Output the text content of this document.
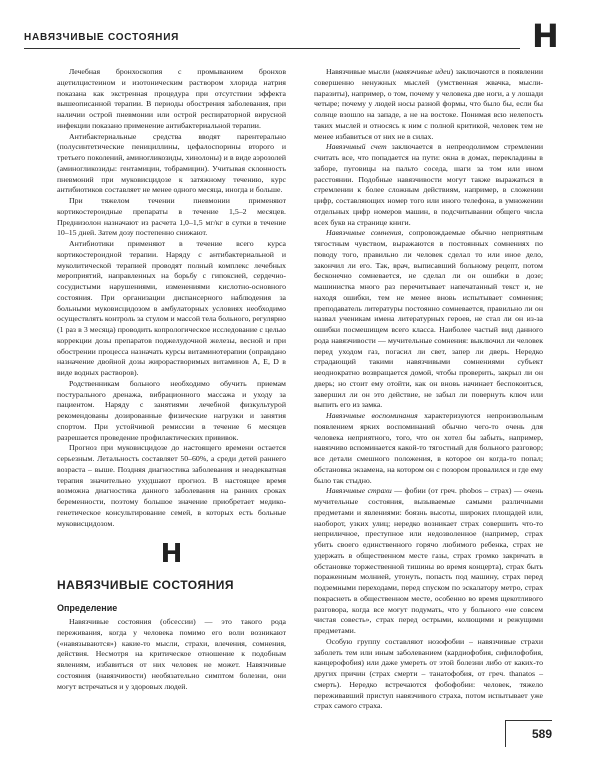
НАВЯЗЧИВЫЕ СОСТОЯНИЯ	Н

Лечебная бронхоскопия с промыванием бронхов ацетилцистеином и изотоническим раствором хлорида натрия показана как экстренная процедура при отсутствии эффекта вышеописанной терапии. В периоды обострения заболевания, при наличии острой пневмонии или острой респираторной вирусной инфекции показано применение антибактериальной терапии.

Антибактериальные средства вводят парентерально (полусинтетические пенициллины, цефалоспорины второго и третьего поколений, аминогликозиды, хинолоны) и в виде аэрозолей (аминогликозиды: гентамицин, тобрамицин). Учитывая склонность пневмоний при муковисцидозе к затяжному течению, курс антибиотиков составляет не менее одного месяца, иногда и больше.

При тяжелом течении пневмонии применяют кортикостероидные препараты в течение 1,5–2 месяцев. Преднизолон назначают из расчета 1,0–1,5 мг/кг в сутки в течение 10–15 дней. Затем дозу постепенно снижают.

Антибиотики применяют в течение всего курса кортикостероидной терапии. Наряду с антибактериальной и муколитической терапией проводят полный комплекс лечебных мероприятий, направленных на борьбу с гипоксией, сердечно-сосудистыми нарушениями, изменениями кислотно-основного состояния. При организации диспансерного наблюдения за больными муковисцидозом в амбулаторных условиях необходимо осуществлять контроль за стулом и массой тела больного, регулярно (1 раз в 3 месяца) проводить копрологическое исследование с целью коррекции дозы препаратов поджелудочной железы, весной и при обострении процесса назначать курсы витаминотерапии (оправдано назначение двойной дозы жирорастворимых витаминов А, Е, D в виде водных растворов).

Родственникам больного необходимо обучить приемам постурального дренажа, вибрационного массажа и уходу за пациентом. Наряду с занятиями лечебной физкультурой рекомендованы дозированные физические нагрузки и занятия спортом. При устойчивой ремиссии в течение 6 месяцев разрешается проведение профилактических прививок.

Прогноз при муковисцидозе до настоящего времени остается серьезным. Летальность составляет 50–60%, а среди детей раннего возраста – выше. Поздняя диагностика заболевания и неадекватная терапия значительно ухудшают прогноз. В настоящее время возможна диагностика данного заболевания на ранних сроках беременности, поэтому большое значение приобретает медико-генетическое консультирование семей, в которых есть больные муковисцидозом.

Н
НАВЯЗЧИВЫЕ СОСТОЯНИЯ
Определение

Навязчивые состояния (обсессии) — это такого рода переживания, когда у человека помимо его воли возникают («навязываются») какие-то мысли, страхи, влечения, сомнения, действия. Несмотря на критическое отношение к подобным явлениям, избавиться от них человек не может. Навязчивые состояния (навязчивости) необязательно симптом болезни, они могут встречаться и у здоровых людей.

Навязчивые мысли (навязчивые идеи) заключаются в появлении совершенно ненужных мыслей (умственная жвачка, мысли-паразиты), например, о том, почему у человека две ноги, а у лошади четыре; почему у людей носы разной формы, что было бы, если бы солнце взошло на западе, а не на востоке. Понимая всю нелепость таких мыслей и относясь к ним с полной критикой, человек тем не менее избавиться от них не в силах.

Навязчивый счет заключается в непреодолимом стремлении считать все, что попадается на пути: окна в домах, перекладины в заборе, пуговицы на пальто соседа, шаги за том или ином расстоянии. Подобные навязчивости могут также выражаться в стремлении к более сложным действиям, например, в сложении цифр, составляющих номер того или иного телефона, в умножении отдельных цифр номеров машин, в подсчитывании общего числа всех букв на странице книги.

Навязчивые сомнения, сопровождаемые обычно неприятным тягостным чувством, выражаются в постоянных сомнениях по поводу того, правильно ли человек сделал то или иное дело, закончил ли его. Так, врач, выписавший больному рецепт, потом бесконечно сомневается, не сделал ли он ошибки в дозе; машинистка много раз перечитывает напечатанный текст и, не находя ошибки, тем не менее вновь испытывает сомнения; преподаватель литературы постоянно сомневается, правильно ли он назвал ученикам имена литературных героев, не стал ли он из-за ошибки посмешищем всего класса. Наиболее частый вид данного рода навязчивости — мучительные сомнения: выключил ли человек перед уходом газ, погасил ли свет, запер ли дверь. Нередко страдающий такими навязчивыми сомнениями субъект неоднократно возвращается домой, чтобы проверить, закрыл ли он дверь; но стоит ему отойти, как он вновь начинает беспокоиться, завершил ли он это действие, не забыл ли повернуть ключ или выпить его из замка.

Навязчивые воспоминания характеризуются непроизвольным появлением ярких воспоминаний обычно чего-то очень для человека неприятного, того, что он хотел бы забыть, например, навязчиво вспоминается какой-то тягостный для больного разговор; все детали смешного положения, в которое он когда-то попал; обстановка экзамена, на котором он с позором провалился и где ему было так стыдно.

Навязчивые страхи — фобии (от греч. phobos – страх) — очень мучительные состояния, вызываемые самыми различными предметами и явлениями: боязнь высоты, широких площадей или, наоборот, узких улиц; нередко возникает страх совершить что-то неприличное, преступное или недозволенное (например, страх убить своего единственного горячо любимого ребенка, страх не удержать в общественном месте газы, страх громко закричать в обстановке торжественной тишины во время концерта), страх быть пораженным молнией, утонуть, попасть под машину, страх перед подземными переходами, перед спуском по эскалатору метро, страх покраснеть в общественном месте, особенно во время щекотливого разговора, когда все могут подумать, что у больного «не совсем чистая совесть», страх перед острыми, колющими и режущими предметами.

Особую группу составляют нозофобии – навязчивые страхи заболеть тем или иным заболеванием (кардиофобия, сифилофобия, канцерофобия) или даже умереть от этой болезни либо от каких-то других причин (страх смерти – танатофобия, от греч. thanatos – смерть). Нередко встречаются фобофобии: человек, тяжело переживавший приступ навязчивого страха, потом испытывает уже страх самого страха.

589
